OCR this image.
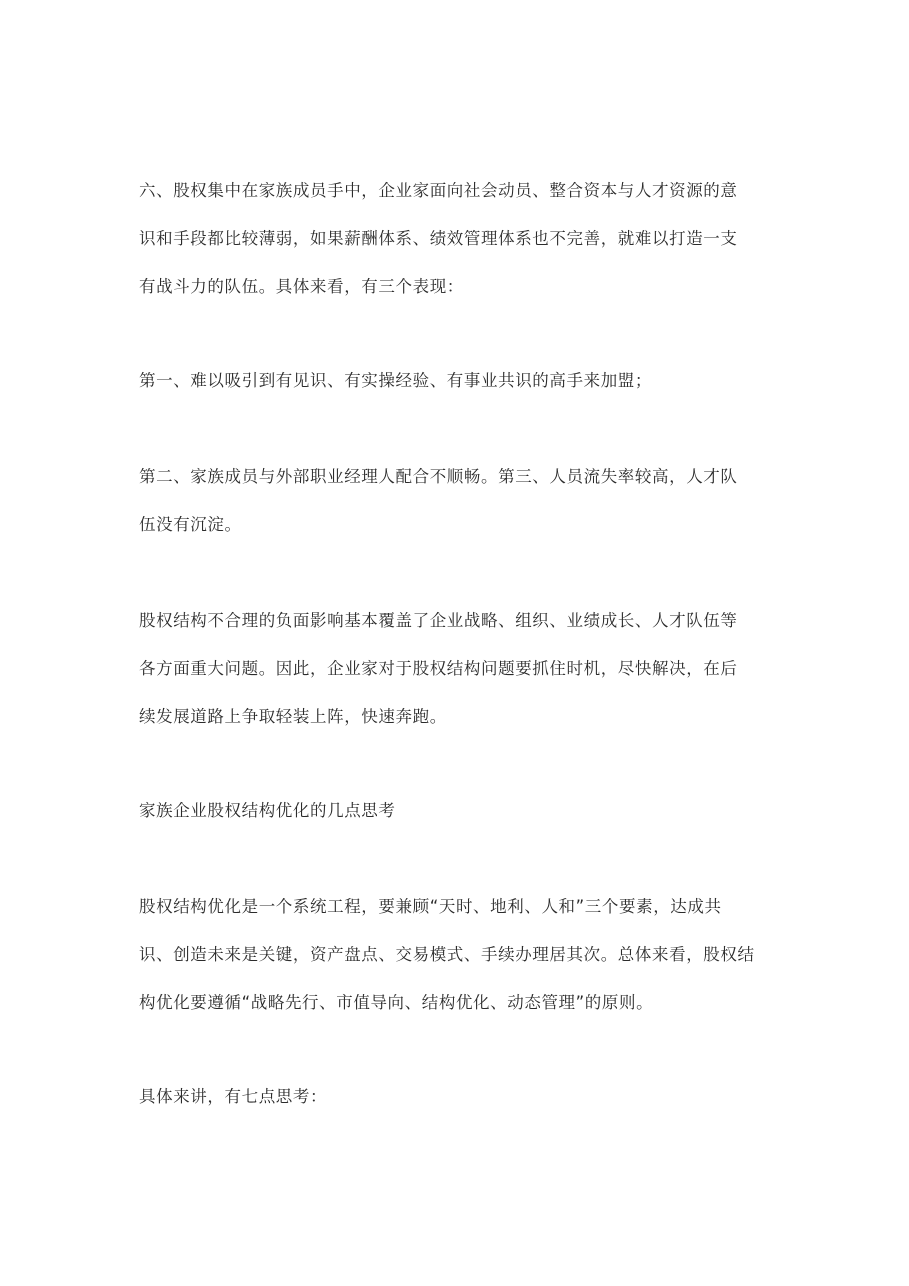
六、股权集中在家族成员手中，企业家面向社会动员、整合资本与人才资源的意
识和手段都比较薄弱，如果薪酬体系、绩效管理体系也不完善，就难以打造一支
有战斗力的队伍。具体来看，有三个表现：
第一、难以吸引到有见识、有实操经验、有事业共识的高手来加盟；
第二、家族成员与外部职业经理人配合不顺畅。第三、人员流失率较高，人才队
伍没有沉淀。
股权结构不合理的负面影响基本覆盖了企业战略、组织、业绩成长、人才队伍等
各方面重大问题。因此，企业家对于股权结构问题要抓住时机，尽快解决，在后
续发展道路上争取轻装上阵，快速奔跑。
家族企业股权结构优化的几点思考
股权结构优化是一个系统工程，要兼顾“天时、地利、人和”三个要素，达成共
识、创造未来是关键，资产盘点、交易模式、手续办理居其次。总体来看，股权结
构优化要遵循“战略先行、市值导向、结构优化、动态管理”的原则。
具体来讲，有七点思考：
